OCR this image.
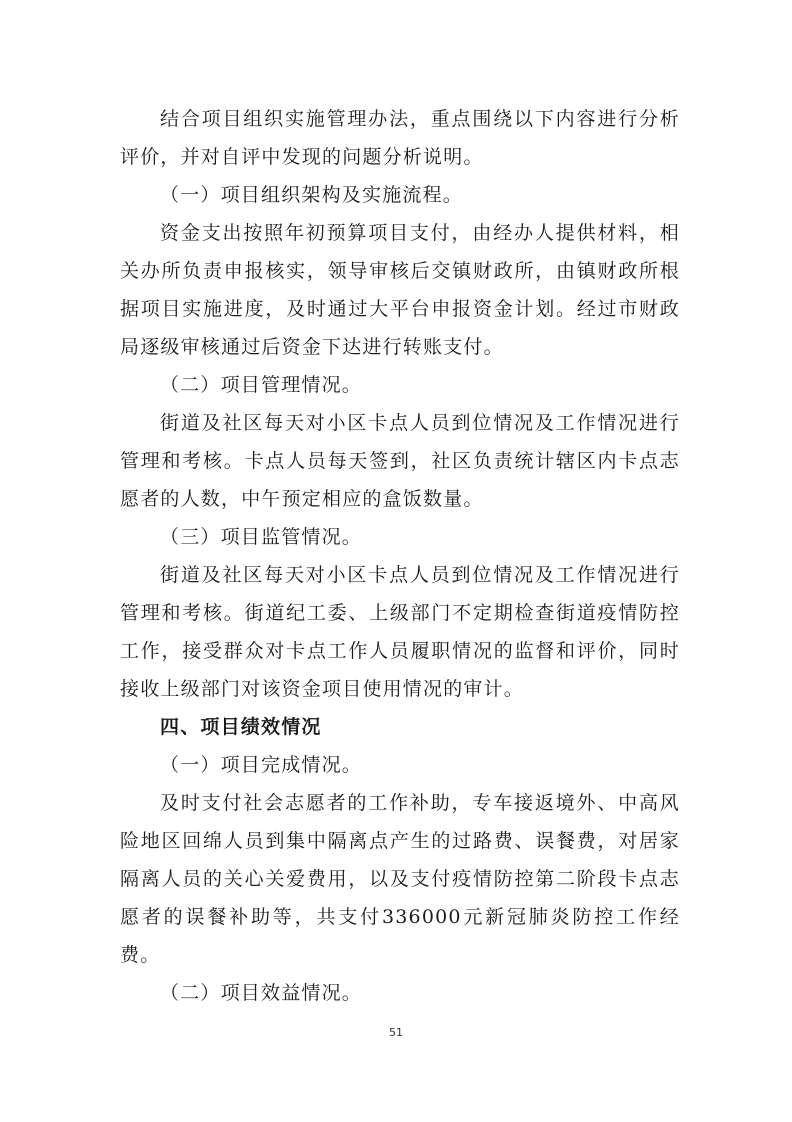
结合项目组织实施管理办法，重点围绕以下内容进行分析评价，并对自评中发现的问题分析说明。

（一）项目组织架构及实施流程。

资金支出按照年初预算项目支付，由经办人提供材料，相关办所负责申报核实，领导审核后交镇财政所，由镇财政所根据项目实施进度，及时通过大平台申报资金计划。经过市财政局逐级审核通过后资金下达进行转账支付。

（二）项目管理情况。

街道及社区每天对小区卡点人员到位情况及工作情况进行管理和考核。卡点人员每天签到，社区负责统计辖区内卡点志愿者的人数，中午预定相应的盒饭数量。

（三）项目监管情况。

街道及社区每天对小区卡点人员到位情况及工作情况进行管理和考核。街道纪工委、上级部门不定期检查街道疫情防控工作，接受群众对卡点工作人员履职情况的监督和评价，同时接收上级部门对该资金项目使用情况的审计。

四、项目绩效情况

（一）项目完成情况。

及时支付社会志愿者的工作补助，专车接返境外、中高风险地区回绵人员到集中隔离点产生的过路费、误餐费，对居家隔离人员的关心关爱费用，以及支付疫情防控第二阶段卡点志愿者的误餐补助等，共支付336000元新冠肺炎防控工作经费。

（二）项目效益情况。

51
